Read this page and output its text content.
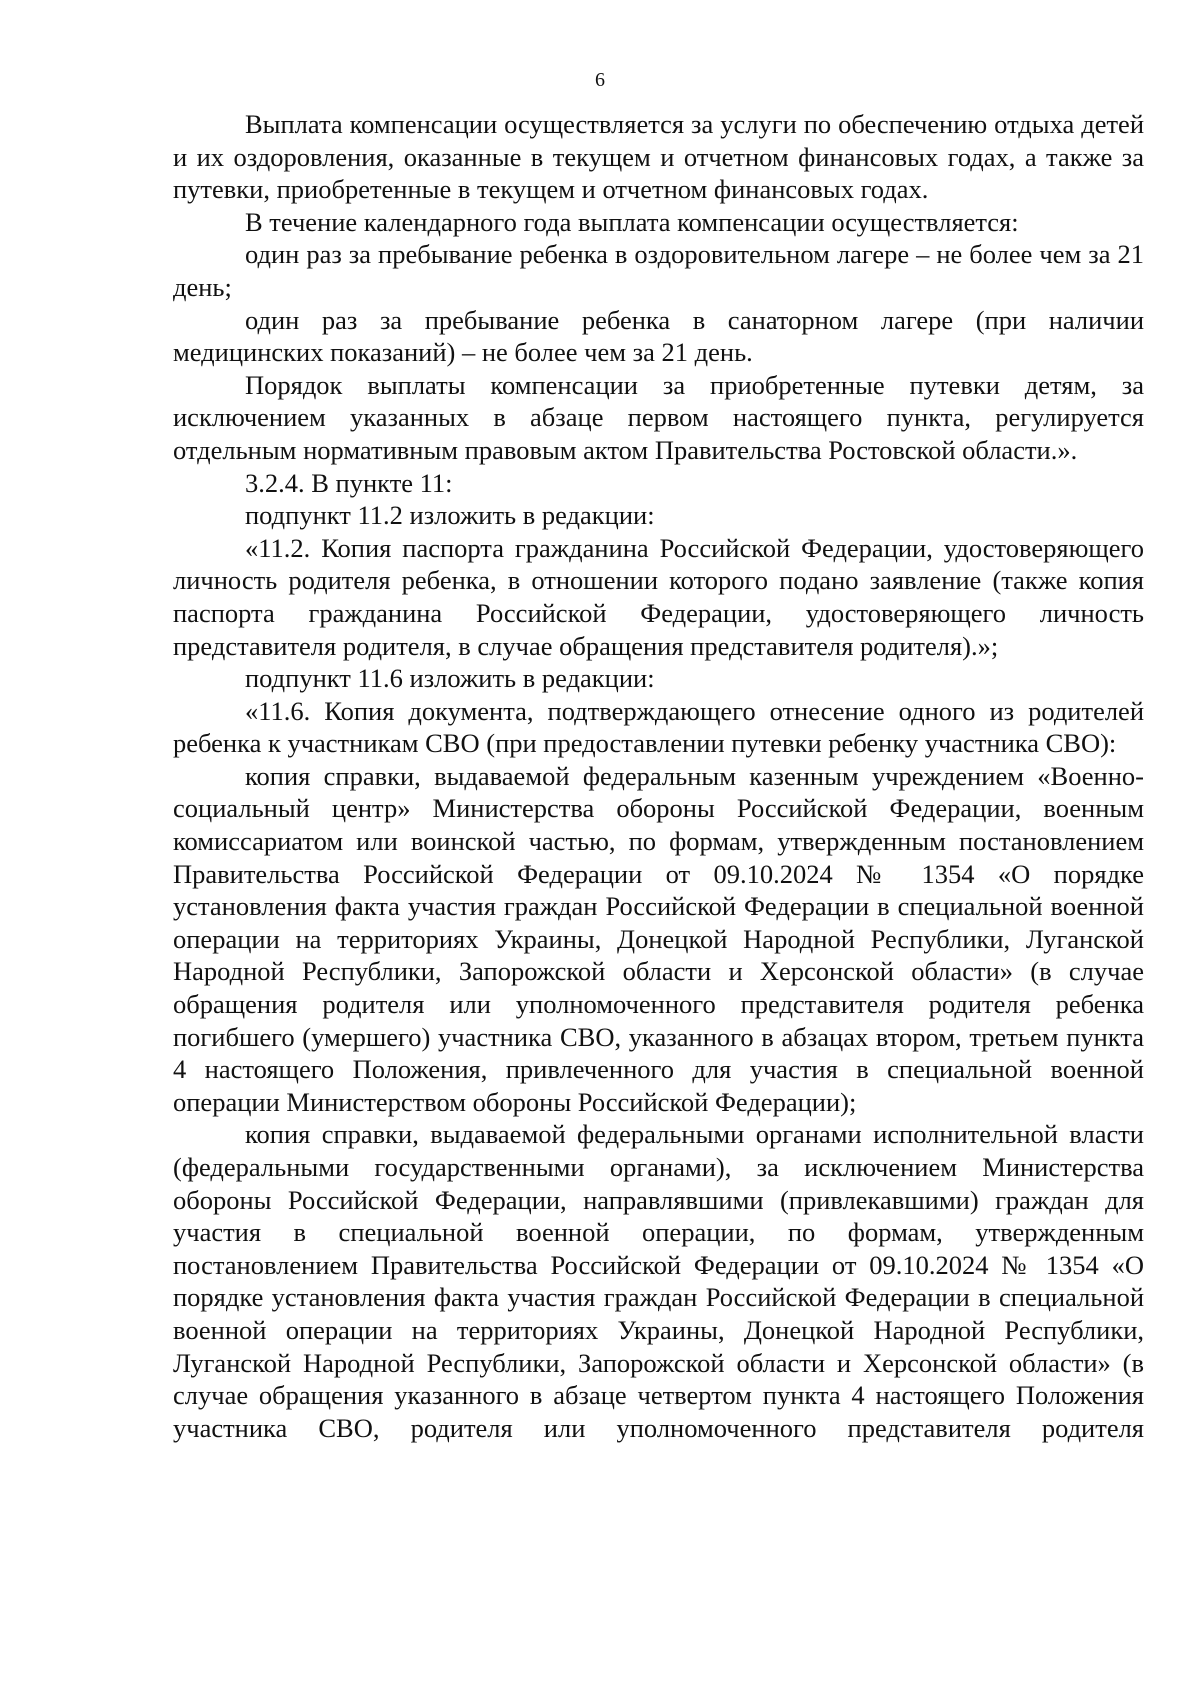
6

Выплата компенсации осуществляется за услуги по обеспечению отдыха детей и их оздоровления, оказанные в текущем и отчетном финансовых годах, а также за путевки, приобретенные в текущем и отчетном финансовых годах.

В течение календарного года выплата компенсации осуществляется:

один раз за пребывание ребенка в оздоровительном лагере – не более чем за 21 день;

один раз за пребывание ребенка в санаторном лагере (при наличии медицинских показаний) – не более чем за 21 день.

Порядок выплаты компенсации за приобретенные путевки детям, за исключением указанных в абзаце первом настоящего пункта, регулируется отдельным нормативным правовым актом Правительства Ростовской области.».

3.2.4. В пункте 11:

подпункт 11.2 изложить в редакции:

«11.2. Копия паспорта гражданина Российской Федерации, удостоверяющего личность родителя ребенка, в отношении которого подано заявление (также копия паспорта гражданина Российской Федерации, удостоверяющего личность представителя родителя, в случае обращения представителя родителя).»;

подпункт 11.6 изложить в редакции:

«11.6. Копия документа, подтверждающего отнесение одного из родителей ребенка к участникам СВО (при предоставлении путевки ребенку участника СВО):

копия справки, выдаваемой федеральным казенным учреждением «Военно-социальный центр» Министерства обороны Российской Федерации, военным комиссариатом или воинской частью, по формам, утвержденным постановлением Правительства Российской Федерации от 09.10.2024 № 1354 «О порядке установления факта участия граждан Российской Федерации в специальной военной операции на территориях Украины, Донецкой Народной Республики, Луганской Народной Республики, Запорожской области и Херсонской области» (в случае обращения родителя или уполномоченного представителя родителя ребенка погибшего (умершего) участника СВО, указанного в абзацах втором, третьем пункта 4 настоящего Положения, привлеченного для участия в специальной военной операции Министерством обороны Российской Федерации);

копия справки, выдаваемой федеральными органами исполнительной власти (федеральными государственными органами), за исключением Министерства обороны Российской Федерации, направлявшими (привлекавшими) граждан для участия в специальной военной операции, по формам, утвержденным постановлением Правительства Российской Федерации от 09.10.2024 № 1354 «О порядке установления факта участия граждан Российской Федерации в специальной военной операции на территориях Украины, Донецкой Народной Республики, Луганской Народной Республики, Запорожской области и Херсонской области» (в случае обращения указанного в абзаце четвертом пункта 4 настоящего Положения участника СВО, родителя или уполномоченного представителя родителя
